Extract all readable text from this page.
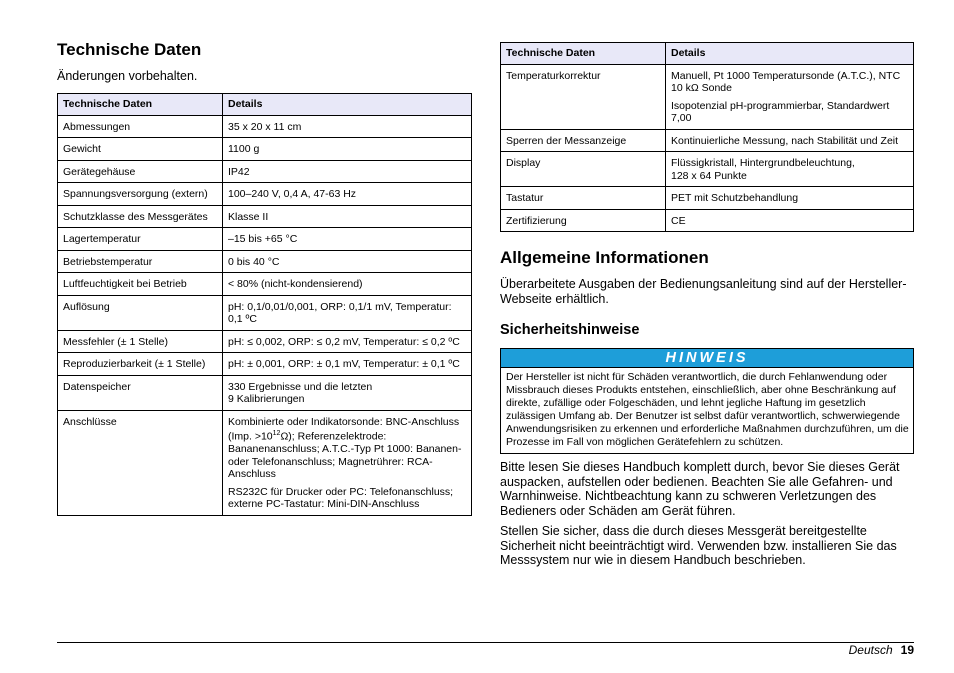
Technische Daten

Änderungen vorbehalten.

Technische Daten	Details
Abmessungen	35 x 20 x 11 cm

Gewicht	1100 g

Gerätegehäuse	IP42

Spannungsversorgung (extern)	100–240 V, 0,4 A, 47-63 Hz

Schutzklasse des Messgerätes	Klasse II

Lagertemperatur	–15 bis +65 °C

Betriebstemperatur	0 bis 40 °C

Luftfeuchtigkeit bei Betrieb	< 80% (nicht-kondensierend)

Auflösung	pH: 0,1/0,01/0,001, ORP: 0,1/1 mV, Temperatur: 0,1 ºC

Messfehler (± 1 Stelle)	pH: ≤ 0,002, ORP: ≤ 0,2 mV, Temperatur: ≤ 0,2 ºC

Reproduzierbarkeit (± 1 Stelle)	pH: ± 0,001, ORP: ± 0,1 mV, Temperatur: ± 0,1 ºC

Datenspeicher	330 Ergebnisse und die letzten
9 Kalibrierungen

Anschlüsse	Kombinierte oder Indikatorsonde: BNC-Anschluss (Imp. $>10^{12}\Omega$); Referenzelektrode: Bananenanschluss; A.T.C.-Typ Pt 1000: Bananen- oder Telefonanschluss; Magnetrührer: RCA-Anschluss
RS232C für Drucker oder PC: Telefonanschluss; externe PC-Tastatur: Mini-DIN-Anschluss
Technische Daten	Details
Temperaturkorrektur	Manuell, Pt 1000 Temperatursonde (A.T.C.), NTC 10 kΩ Sonde
Isopotenzial pH-programmierbar, Standardwert 7,00

Sperren der Messanzeige	Kontinuierliche Messung, nach Stabilität und Zeit

Display	Flüssigkristall, Hintergrundbeleuchtung,
128 x 64 Punkte

Tastatur	PET mit Schutzbehandlung

Zertifizierung	CE
Allgemeine Informationen

Überarbeitete Ausgaben der Bedienungsanleitung sind auf der Hersteller-Webseite erhältlich.

Sicherheitshinweise
HINWEIS
Der Hersteller ist nicht für Schäden verantwortlich, die durch Fehlanwendung oder Missbrauch dieses Produkts entstehen, einschließlich, aber ohne Beschränkung auf direkte, zufällige oder Folgeschäden, und lehnt jegliche Haftung im gesetzlich zulässigen Umfang ab. Der Benutzer ist selbst dafür verantwortlich, schwerwiegende Anwendungsrisiken zu erkennen und erforderliche Maßnahmen durchzuführen, um die Prozesse im Fall von möglichen Gerätefehlern zu schützen.

Bitte lesen Sie dieses Handbuch komplett durch, bevor Sie dieses Gerät auspacken, aufstellen oder bedienen. Beachten Sie alle Gefahren- und Warnhinweise. Nichtbeachtung kann zu schweren Verletzungen des Bedieners oder Schäden am Gerät führen.

Stellen Sie sicher, dass die durch dieses Messgerät bereitgestellte Sicherheit nicht beeinträchtigt wird. Verwenden bzw. installieren Sie das Messsystem nur wie in diesem Handbuch beschrieben.

Deutsch 19
